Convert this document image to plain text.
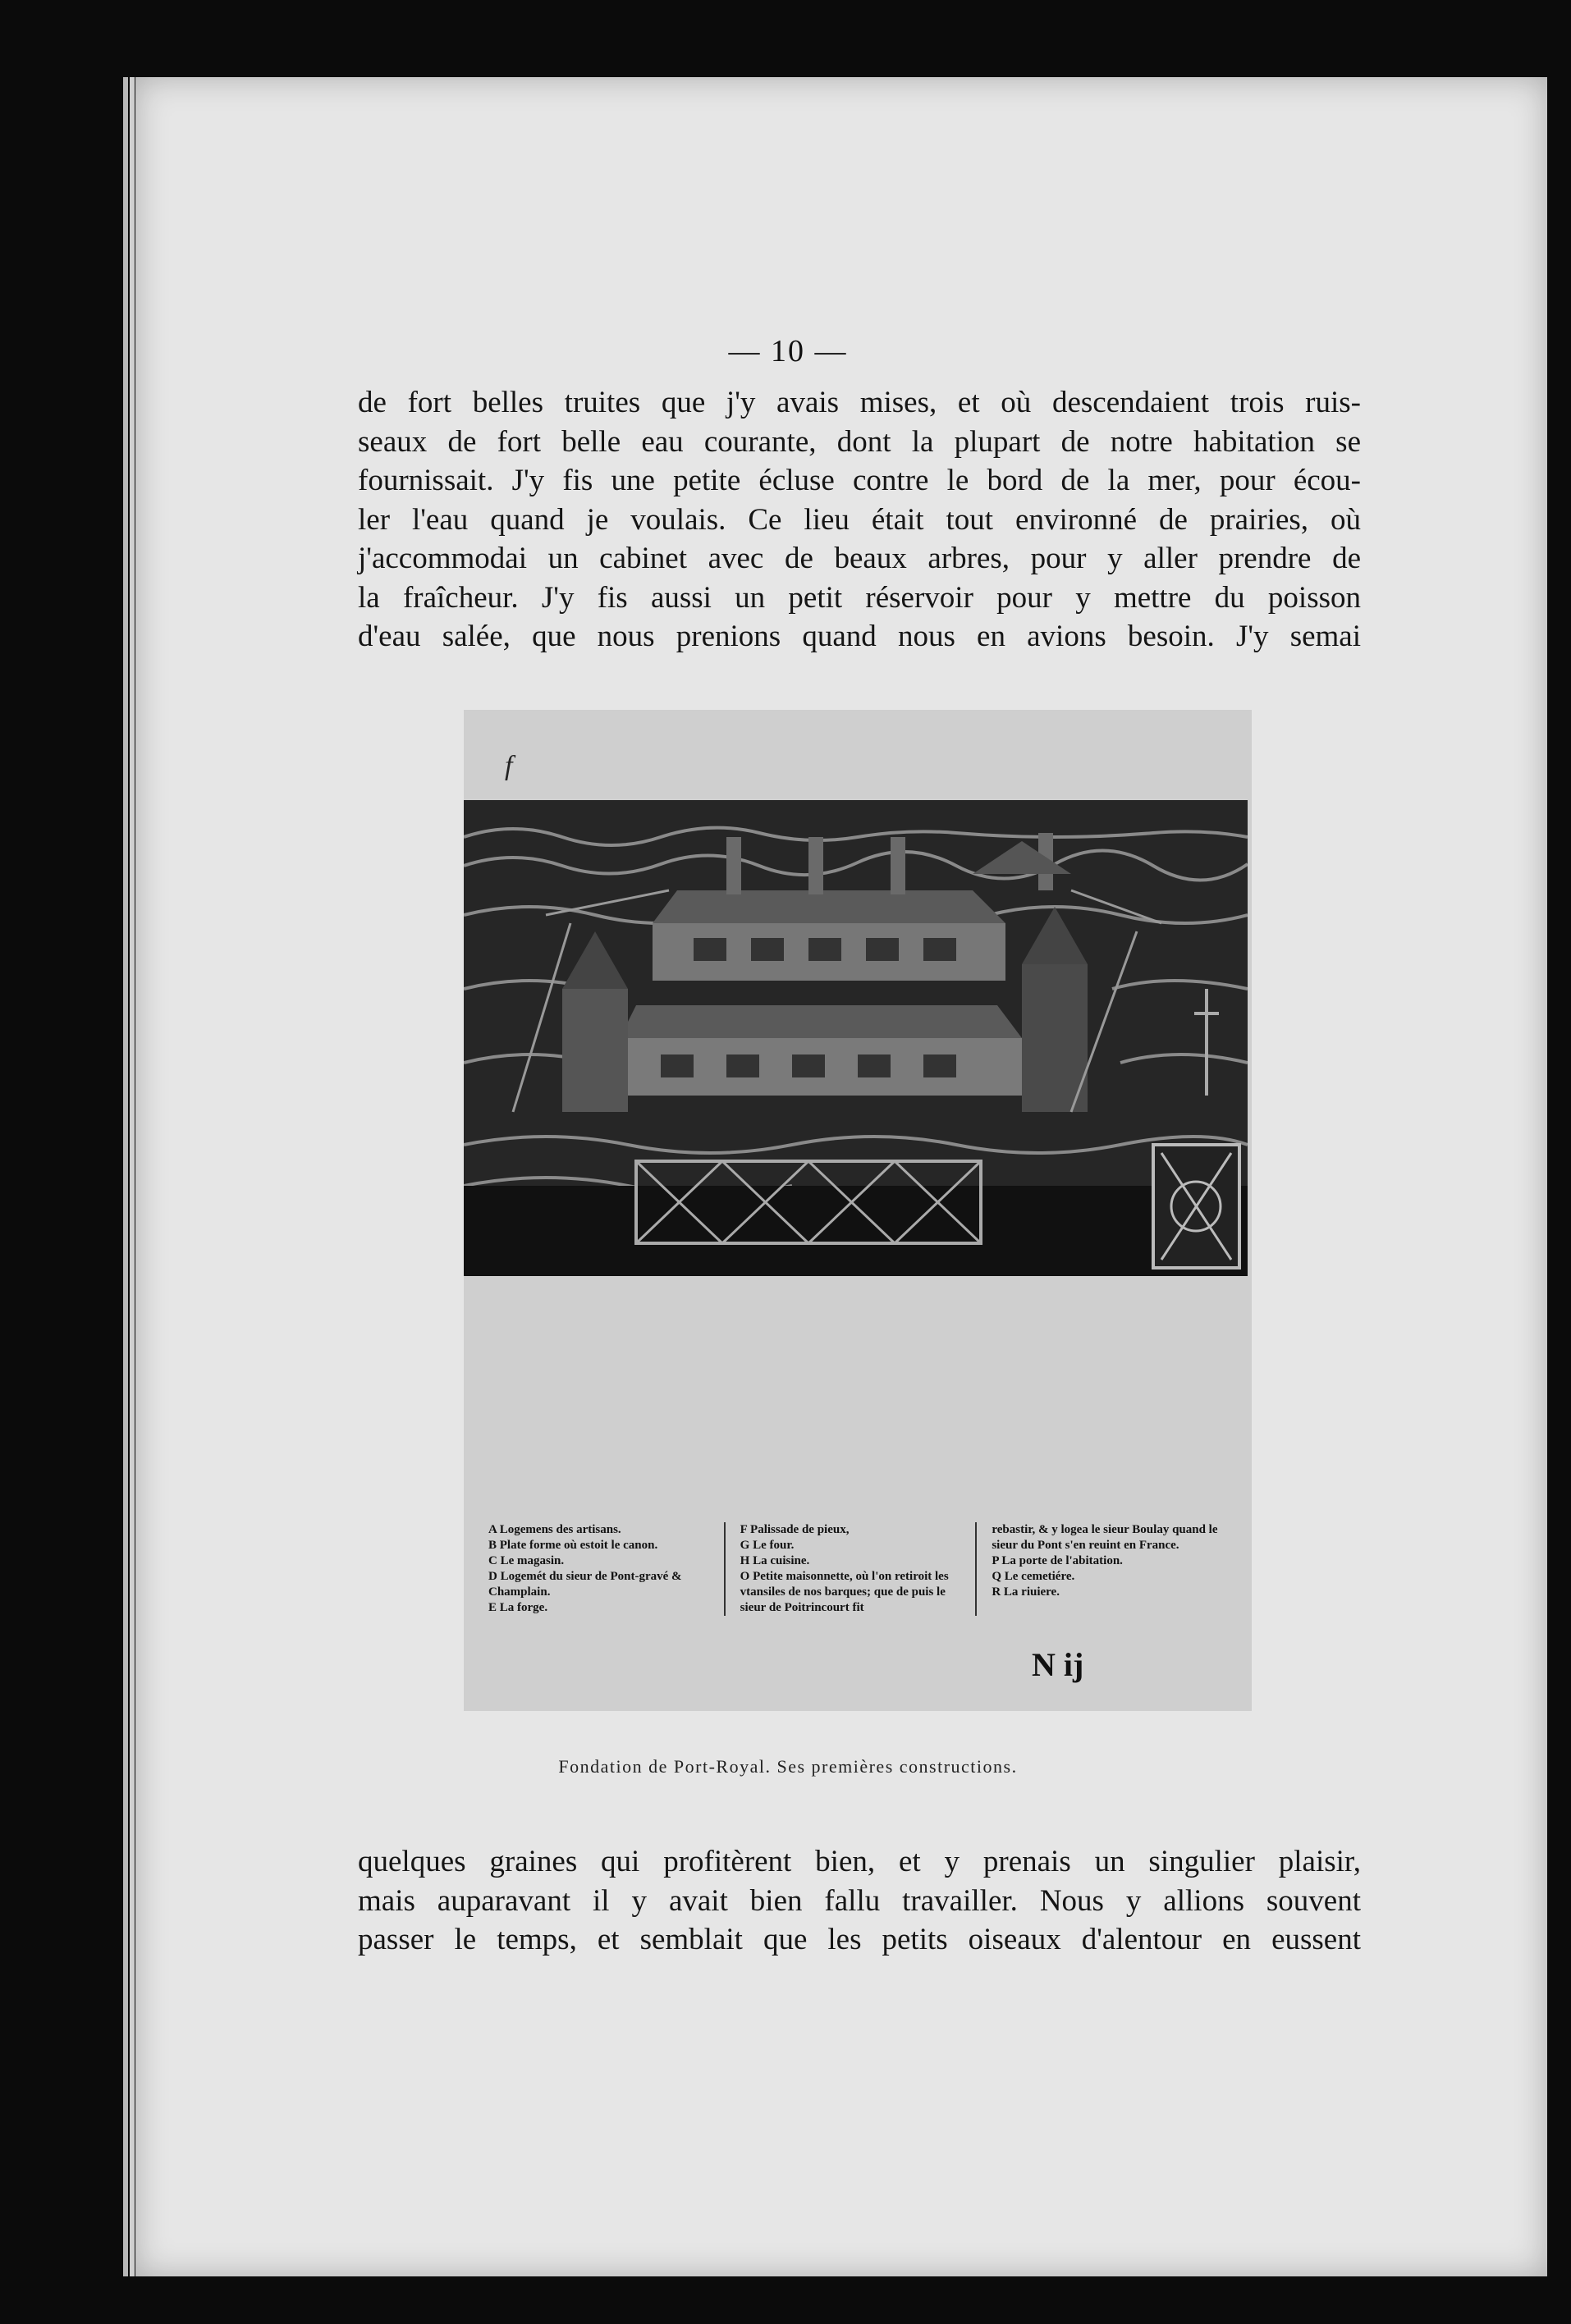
— 10 —
de fort belles truites que j'y avais mises, et où descendaient trois ruis-
seaux de fort belle eau courante, dont la plupart de notre habitation se
fournissait. J'y fis une petite écluse contre le bord de la mer, pour écou-
ler l'eau quand je voulais. Ce lieu était tout environné de prairies, où
j'accommodai un cabinet avec de beaux arbres, pour y aller prendre de
la fraîcheur. J'y fis aussi un petit réservoir pour y mettre du poisson
d'eau salée, que nous prenions quand nous en avions besoin. J'y semai
f
A Logemens des artisans.
B Plate forme où estoit le canon.
C Le magasin.
D Logemét du sieur de Pont-gravé & Champlain.
E La forge.
F Palissade de pieux,
G Le four.
H La cuisine.
O Petite maisonnette, où l'on retiroit les vtansiles de nos barques; que de puis le sieur de Poitrincourt fit
rebastir, & y logea le sieur Boulay quand le sieur du Pont s'en reuint en France.
P La porte de l'abitation.
Q Le cemetiére.
R La riuiere.
N ij
Fondation de Port-Royal. Ses premières constructions.
quelques graines qui profitèrent bien, et y prenais un singulier plaisir,
mais auparavant il y avait bien fallu travailler. Nous y allions souvent
passer le temps, et semblait que les petits oiseaux d'alentour en eussent
